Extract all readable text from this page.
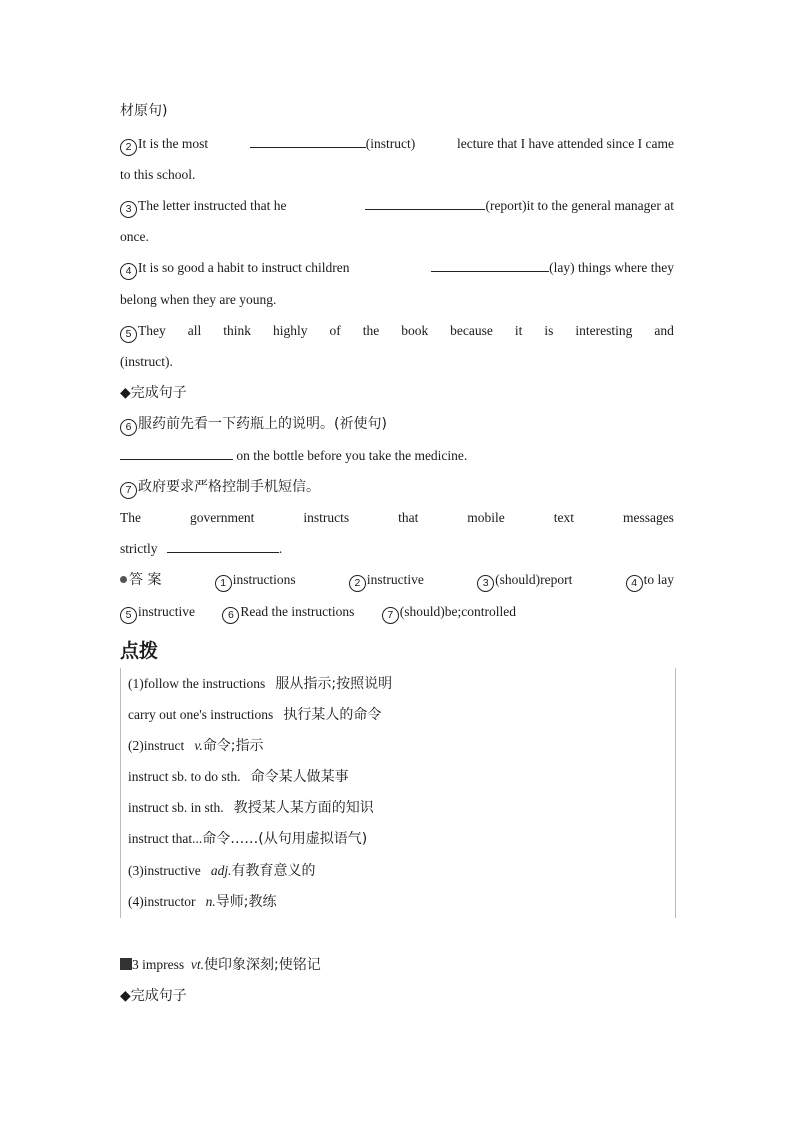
材原句)
2 It is the most	(instruct)	lecture that I have attended since I came
to this school.
3 The letter instructed that he	(report)it to the general manager at
once.
4 It is so good a habit to instruct children	(lay) things where they
belong when they are young.
5 They all think highly of the book because it is interesting and
(instruct).
◆完成句子
6 服药前先看一下药瓶上的说明。(祈使句)
on the bottle before you take the medicine.
7 政府要求严格控制手机短信。
The	government	instructs	that	mobile	text	messages
strictly	.
答 案	1 instructions	2 instructive	3 (should)report	4 to lay
5 instructive	6 Read the instructions	7 (should)be;controlled
点拨
(1)follow the instructions 服从指示;按照说明
carry out one's instructions 执行某人的命令
(2)instruct v.命令;指示
instruct sb. to do sth. 命令某人做某事
instruct sb. in sth. 教授某人某方面的知识
instruct that...命令……(从句用虚拟语气)
(3)instructive adj.有教育意义的
(4)instructor n.导师;教练
3 impress vt.使印象深刻;使铭记
◆完成句子
